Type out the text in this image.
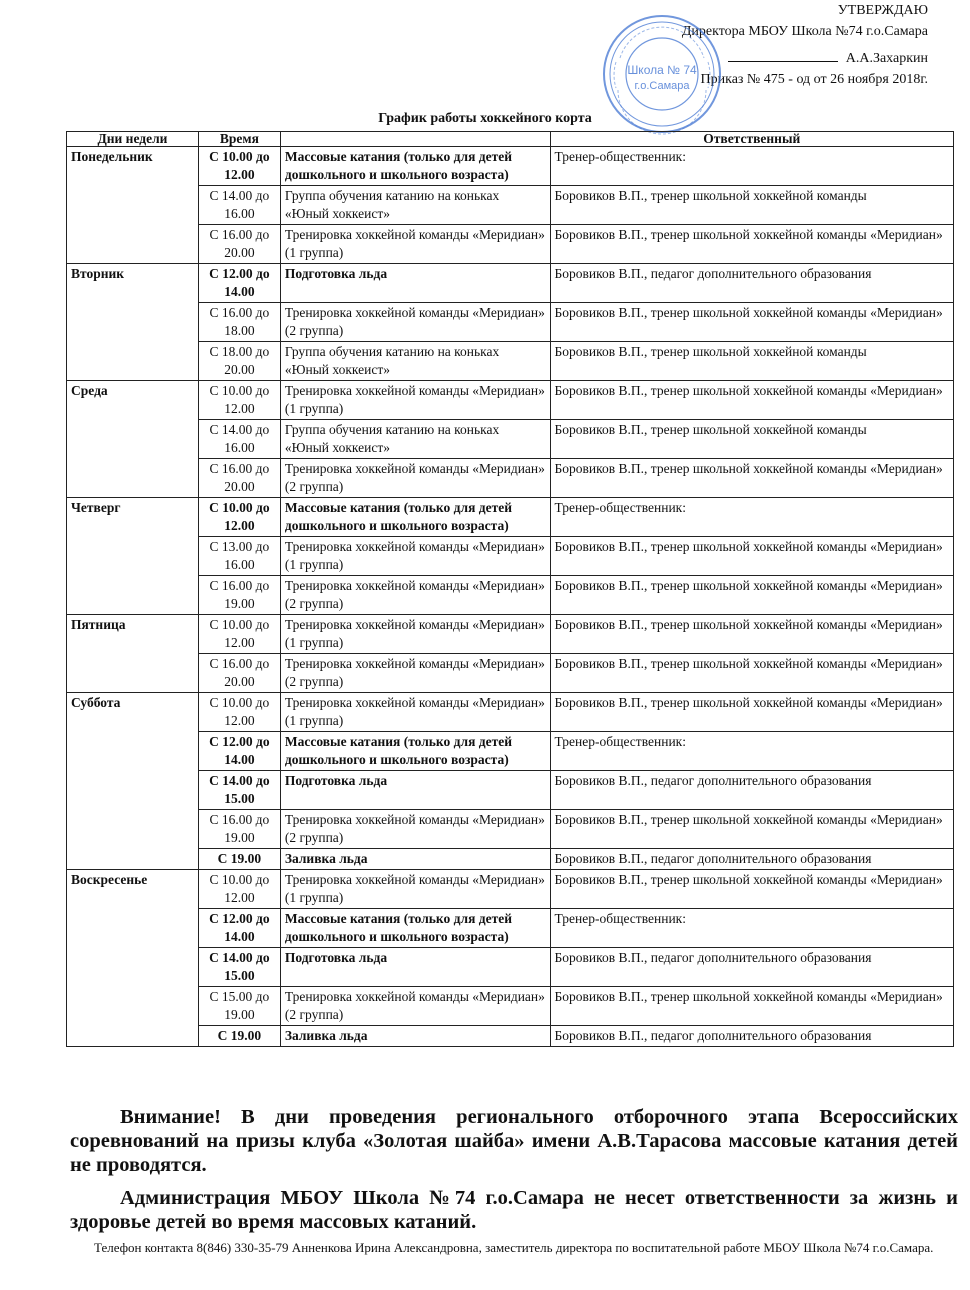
УТВЕРЖДАЮ
Директора МБОУ Школа №74 г.о.Самара
А.А.Захаркин
Приказ № 475 - од от 26 ноября 2018г.
Школа № 74
г.о.Самара
График работы хоккейного корта
Дни недели	Время		Ответственный
Понедельник	С 10.00 до 12.00	Массовые катания (только для детей дошкольного и школьного возраста)	Тренер-общественник:
	С 14.00 до 16.00	Группа обучения катанию на коньках «Юный хоккеист»	Боровиков В.П., тренер школьной хоккейной команды
	С 16.00 до 20.00	Тренировка хоккейной команды «Меридиан» (1 группа)	Боровиков В.П., тренер школьной хоккейной команды «Меридиан»
Вторник	С 12.00 до 14.00	Подготовка льда	Боровиков В.П., педагог дополнительного образования
	С 16.00 до 18.00	Тренировка хоккейной команды «Меридиан» (2 группа)	Боровиков В.П., тренер школьной хоккейной команды «Меридиан»
	С 18.00 до 20.00	Группа обучения катанию на коньках «Юный хоккеист»	Боровиков В.П., тренер школьной хоккейной команды
Среда	С 10.00 до 12.00	Тренировка хоккейной команды «Меридиан» (1 группа)	Боровиков В.П., тренер школьной хоккейной команды «Меридиан»
	С 14.00 до 16.00	Группа обучения катанию на коньках «Юный хоккеист»	Боровиков В.П., тренер школьной хоккейной команды
	С 16.00 до 20.00	Тренировка хоккейной команды «Меридиан» (2 группа)	Боровиков В.П., тренер школьной хоккейной команды «Меридиан»
Четверг	С 10.00 до 12.00	Массовые катания (только для детей дошкольного и школьного возраста)	Тренер-общественник:
	С 13.00 до 16.00	Тренировка хоккейной команды «Меридиан» (1 группа)	Боровиков В.П., тренер школьной хоккейной команды «Меридиан»
	С 16.00 до 19.00	Тренировка хоккейной команды «Меридиан» (2 группа)	Боровиков В.П., тренер школьной хоккейной команды «Меридиан»
Пятница	С 10.00 до 12.00	Тренировка хоккейной команды «Меридиан» (1 группа)	Боровиков В.П., тренер школьной хоккейной команды «Меридиан»
	С 16.00 до 20.00	Тренировка хоккейной команды «Меридиан» (2 группа)	Боровиков В.П., тренер школьной хоккейной команды «Меридиан»
Суббота	С 10.00 до 12.00	Тренировка хоккейной команды «Меридиан» (1 группа)	Боровиков В.П., тренер школьной хоккейной команды «Меридиан»
	С 12.00 до 14.00	Массовые катания (только для детей дошкольного и школьного возраста)	Тренер-общественник:
	С 14.00 до 15.00	Подготовка льда	Боровиков В.П., педагог дополнительного образования
	С 16.00 до 19.00	Тренировка хоккейной команды «Меридиан» (2 группа)	Боровиков В.П., тренер школьной хоккейной команды «Меридиан»
	С 19.00	Заливка льда	Боровиков В.П., педагог дополнительного образования
Воскресенье	С 10.00 до 12.00	Тренировка хоккейной команды «Меридиан» (1 группа)	Боровиков В.П., тренер школьной хоккейной команды «Меридиан»
	С 12.00 до 14.00	Массовые катания (только для детей дошкольного и школьного возраста)	Тренер-общественник:
	С 14.00 до 15.00	Подготовка льда	Боровиков В.П., педагог дополнительного образования
	С 15.00 до 19.00	Тренировка хоккейной команды «Меридиан» (2 группа)	Боровиков В.П., тренер школьной хоккейной команды «Меридиан»
	С 19.00	Заливка льда	Боровиков В.П., педагог дополнительного образования

Внимание! В дни проведения регионального отборочного этапа Всероссийских соревнований на призы клуба «Золотая шайба» имени А.В.Тарасова массовые катания детей не проводятся.

Администрация МБОУ Школа №74 г.о.Самара не несет ответственности за жизнь и здоровье детей во время массовых катаний.

Телефон контакта 8(846) 330-35-79 Анненкова Ирина Александровна, заместитель директора по воспитательной работе МБОУ Школа №74 г.о.Самара.
